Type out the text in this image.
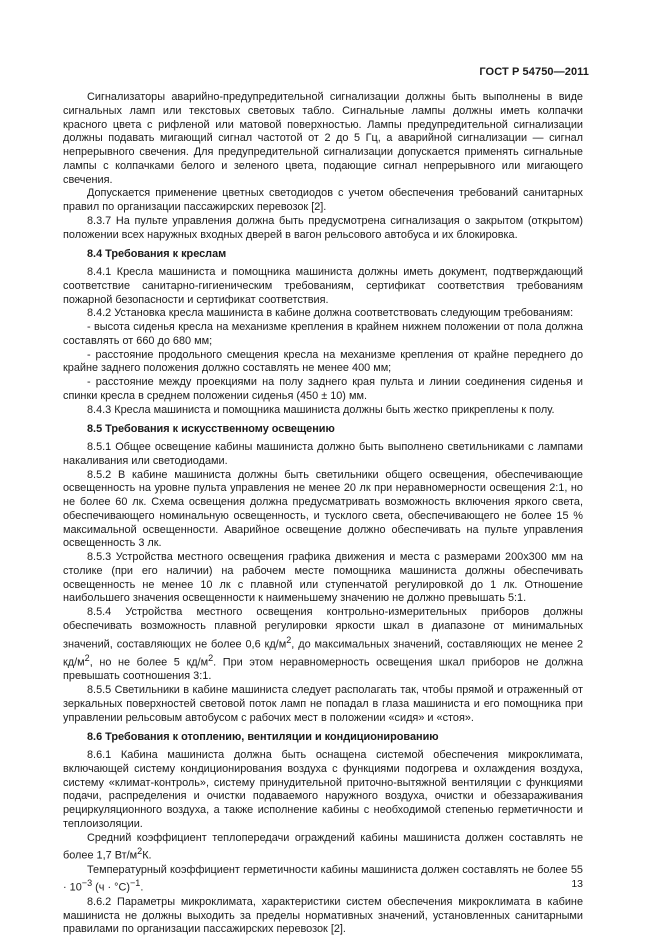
ГОСТ Р 54750—2011

Сигнализаторы аварийно-предупредительной сигнализации должны быть выполнены в виде сигнальных ламп или текстовых световых табло. Сигнальные лампы должны иметь колпачки красного цвета с рифленой или матовой поверхностью. Лампы предупредительной сигнализации должны подавать мигающий сигнал частотой от 2 до 5 Гц, а аварийной сигнализации — сигнал непрерывного свечения. Для предупредительной сигнализации допускается применять сигнальные лампы с колпачками белого и зеленого цвета, подающие сигнал непрерывного или мигающего свечения.

Допускается применение цветных светодиодов с учетом обеспечения требований санитарных правил по организации пассажирских перевозок [2].

8.3.7 На пульте управления должна быть предусмотрена сигнализация о закрытом (открытом) положении всех наружных входных дверей в вагон рельсового автобуса и их блокировка.

8.4 Требования к креслам

8.4.1 Кресла машиниста и помощника машиниста должны иметь документ, подтверждающий соответствие санитарно-гигиеническим требованиям, сертификат соответствия требованиям пожарной безопасности и сертификат соответствия.

8.4.2 Установка кресла машиниста в кабине должна соответствовать следующим требованиям:

- высота сиденья кресла на механизме крепления в крайнем нижнем положении от пола должна составлять от 660 до 680 мм;

- расстояние продольного смещения кресла на механизме крепления от крайне переднего до крайне заднего положения должно составлять не менее 400 мм;

- расстояние между проекциями на полу заднего края пульта и линии соединения сиденья и спинки кресла в среднем положении сиденья (450 ± 10) мм.

8.4.3 Кресла машиниста и помощника машиниста должны быть жестко прикреплены к полу.

8.5 Требования к искусственному освещению

8.5.1 Общее освещение кабины машиниста должно быть выполнено светильниками с лампами накаливания или светодиодами.

8.5.2 В кабине машиниста должны быть светильники общего освещения, обеспечивающие освещенность на уровне пульта управления не менее 20 лк при неравномерности освещения 2:1, но не более 60 лк. Схема освещения должна предусматривать возможность включения яркого света, обеспечивающего номинальную освещенность, и тусклого света, обеспечивающего не более 15 % максимальной освещенности. Аварийное освещение должно обеспечивать на пульте управления освещенность 3 лк.

8.5.3 Устройства местного освещения графика движения и места с размерами 200х300 мм на столике (при его наличии) на рабочем месте помощника машиниста должны обеспечивать освещенность не менее 10 лк с плавной или ступенчатой регулировкой до 1 лк. Отношение наибольшего значения освещенности к наименьшему значению не должно превышать 5:1.

8.5.4 Устройства местного освещения контрольно-измерительных приборов должны обеспечивать возможность плавной регулировки яркости шкал в диапазоне от минимальных значений, составляющих не более 0,6 $кд/м^2$, до максимальных значений, составляющих не менее 2 $кд/м^2$, но не более 5 $кд/м^2$. При этом неравномерность освещения шкал приборов не должна превышать соотношения 3:1.

8.5.5 Светильники в кабине машиниста следует располагать так, чтобы прямой и отраженный от зеркальных поверхностей световой поток ламп не попадал в глаза машиниста и его помощника при управлении рельсовым автобусом с рабочих мест в положении «сидя» и «стоя».

8.6 Требования к отоплению, вентиляции и кондиционированию

8.6.1 Кабина машиниста должна быть оснащена системой обеспечения микроклимата, включающей систему кондиционирования воздуха с функциями подогрева и охлаждения воздуха, систему «климат-контроль», систему принудительной приточно-вытяжной вентиляции с функциями подачи, распределения и очистки подаваемого наружного воздуха, очистки и обеззараживания рециркуляционного воздуха, а также исполнение кабины с необходимой степенью герметичности и теплоизоляции.

Средний коэффициент теплопередачи ограждений кабины машиниста должен составлять не более 1,7 $Вт/м^2К$.

Температурный коэффициент герметичности кабины машиниста должен составлять не более $55 \cdot 10^{-3}$ $(ч \cdot ^\circ С)^{-1}$.

8.6.2 Параметры микроклимата, характеристики систем обеспечения микроклимата в кабине машиниста не должны выходить за пределы нормативных значений, установленных санитарными правилами по организации пассажирских перевозок [2].

13
